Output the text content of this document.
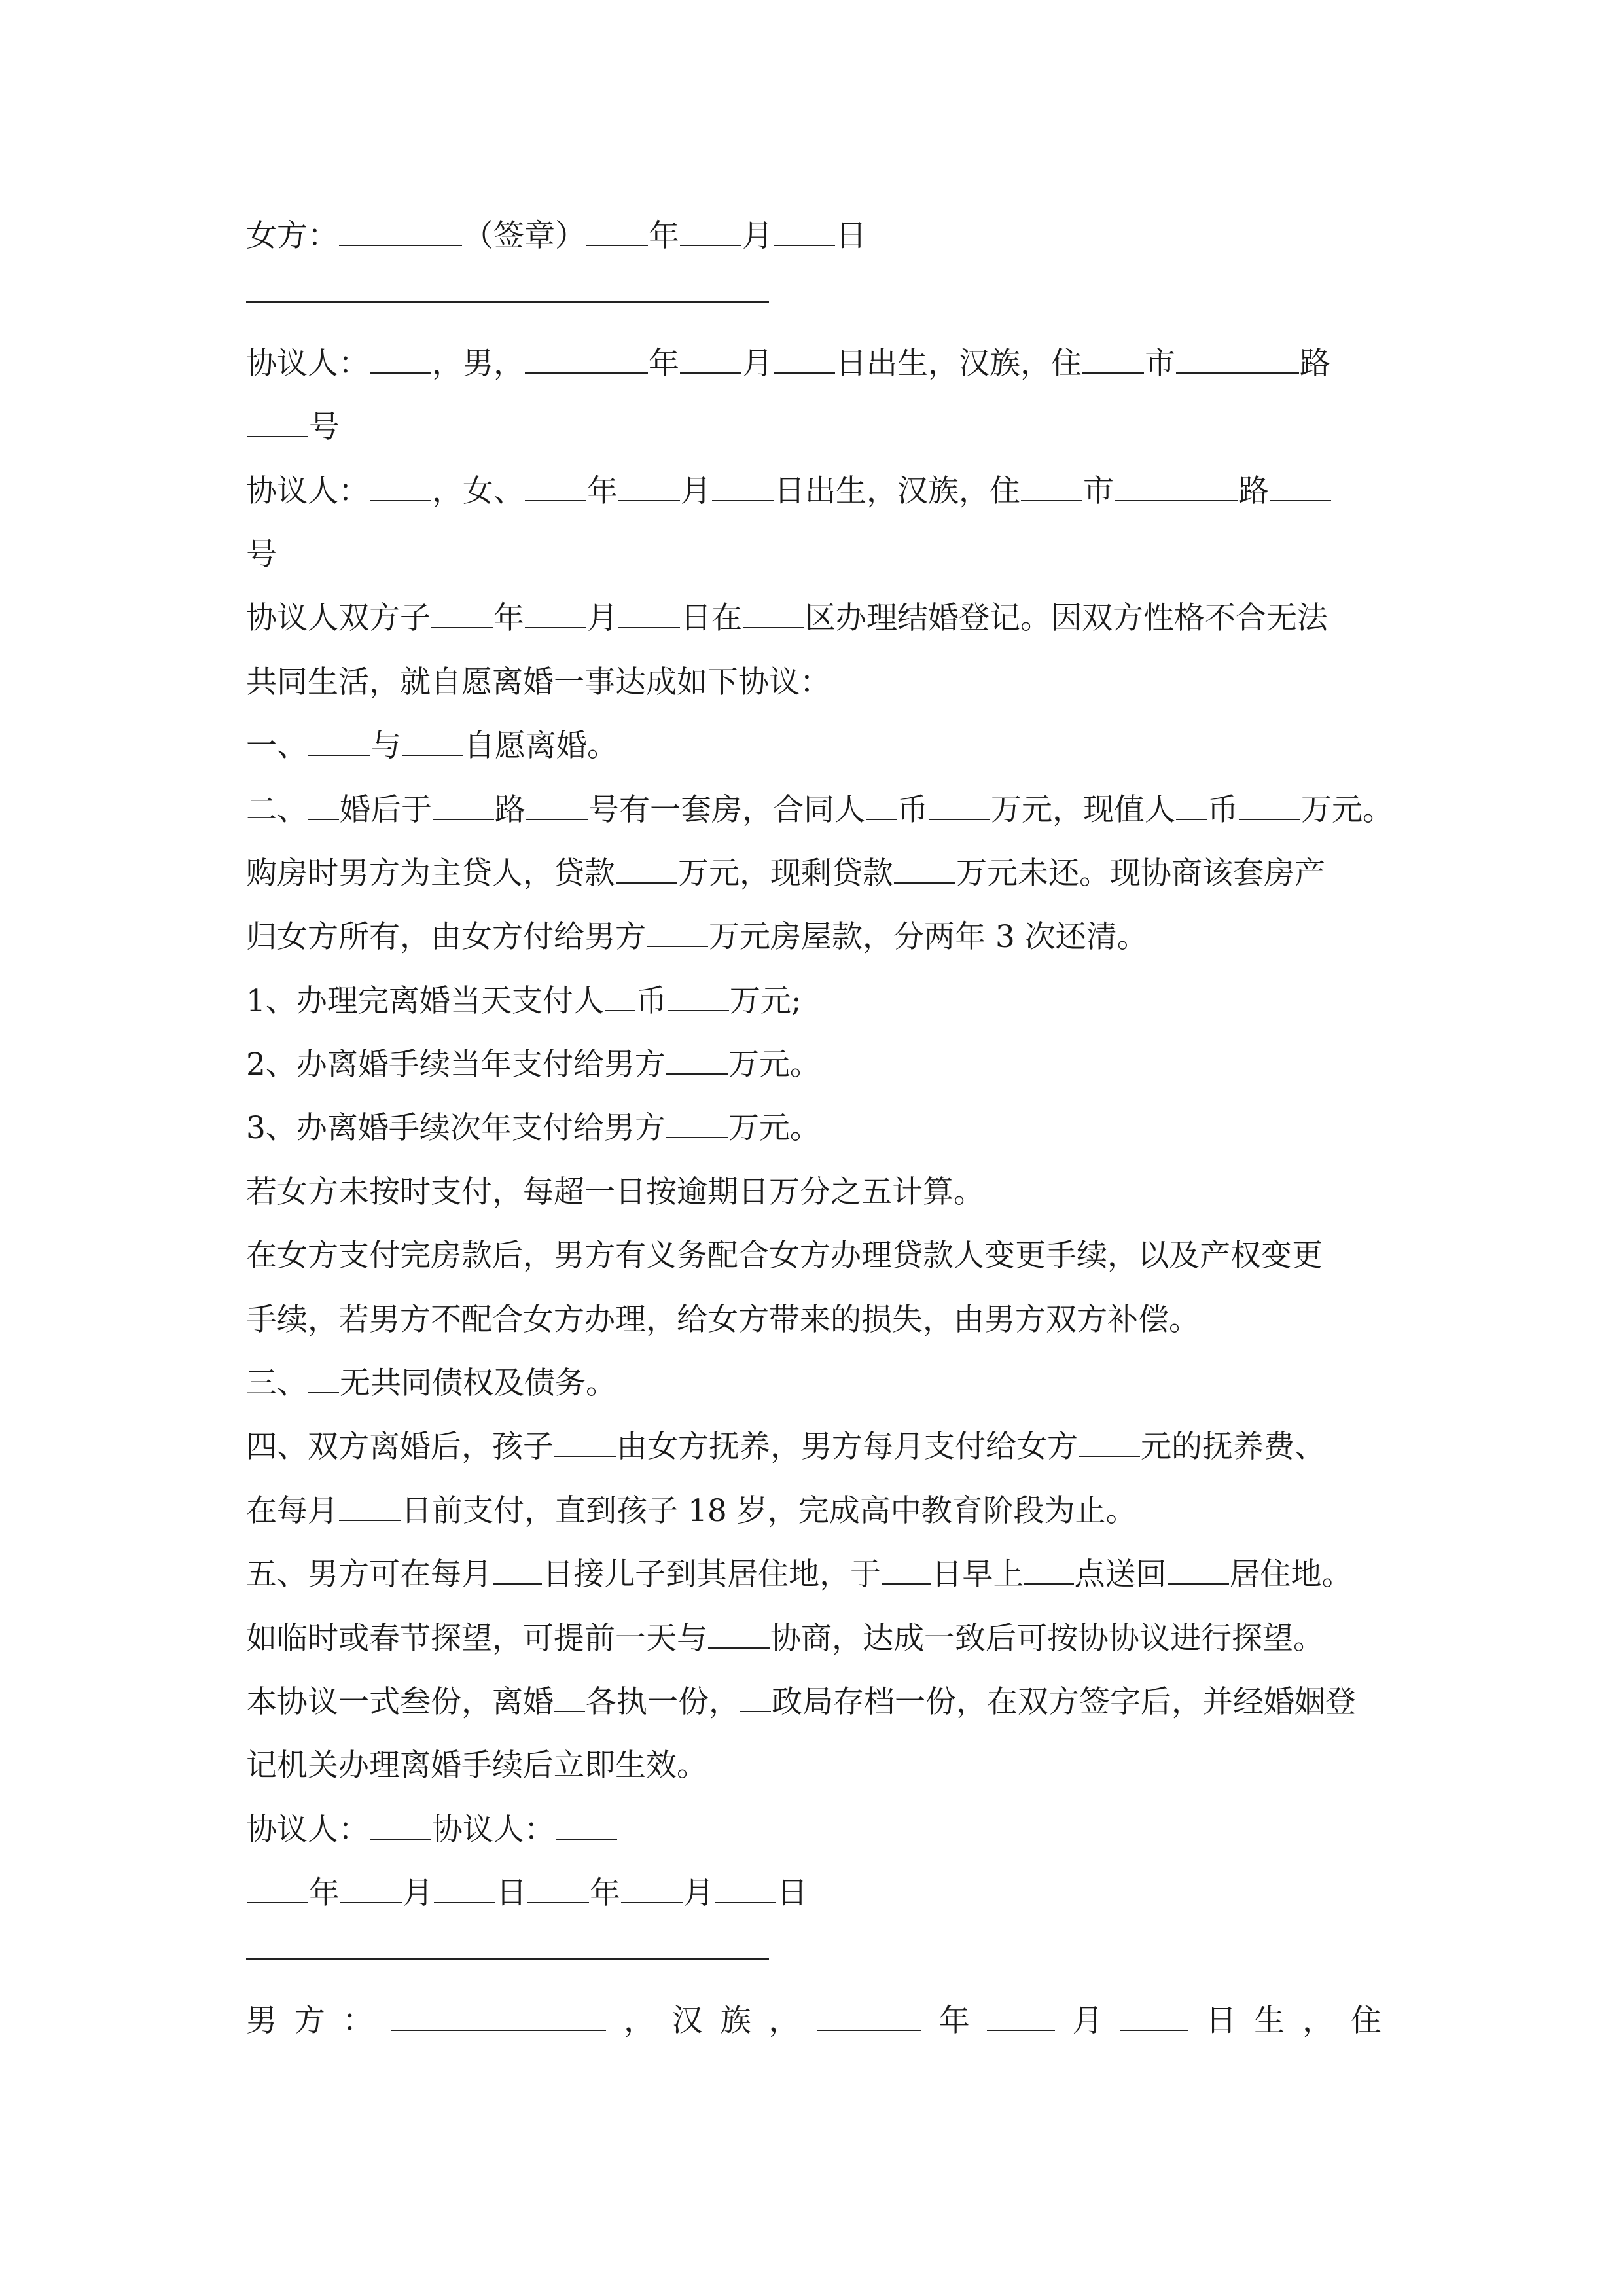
女方：	（签章） 年 月 日
协议人： ，男，	年 月 日出生，汉族，住 市	路
号
协议人： ，女、 年 月 日出生，汉族，住 市	路
号
协议人双方子 年 月 日在 区办理结婚登记。因双方性格不合无法
共同生活，就自愿离婚一事达成如下协议：
一、 与 自愿离婚。
二、 婚后于 路 号有一套房，合同人 币 万元，现值人 币 万元。
购房时男方为主贷人，贷款 万元，现剩贷款 万元未还。现协商该套房产
归女方所有，由女方付给男方 万元房屋款，分两年 3 次还清。
1、办理完离婚当天支付人 币 万元;
2、办离婚手续当年支付给男方 万元。
3、办离婚手续次年支付给男方 万元。
若女方未按时支付，每超一日按逾期日万分之五计算。
在女方支付完房款后，男方有义务配合女方办理贷款人变更手续，以及产权变更
手续，若男方不配合女方办理，给女方带来的损失，由男方双方补偿。
三、 无共同债权及债务。
四、双方离婚后，孩子 由女方抚养，男方每月支付给女方 元的抚养费、
在每月 日前支付，直到孩子 18 岁，完成高中教育阶段为止。
五、男方可在每月 日接儿子到其居住地，于 日早上 点送回 居住地。
如临时或春节探望，可提前一天与 协商，达成一致后可按协协议进行探望。
本协议一式叁份，离婚 各执一份， 政局存档一份，在双方签字后，并经婚姻登
记机关办理离婚手续后立即生效。
协议人： 协议人：
年 月 日 年 月 日
男 方 ：	， 汉 族 ，	年	月	日 生 ， 住
